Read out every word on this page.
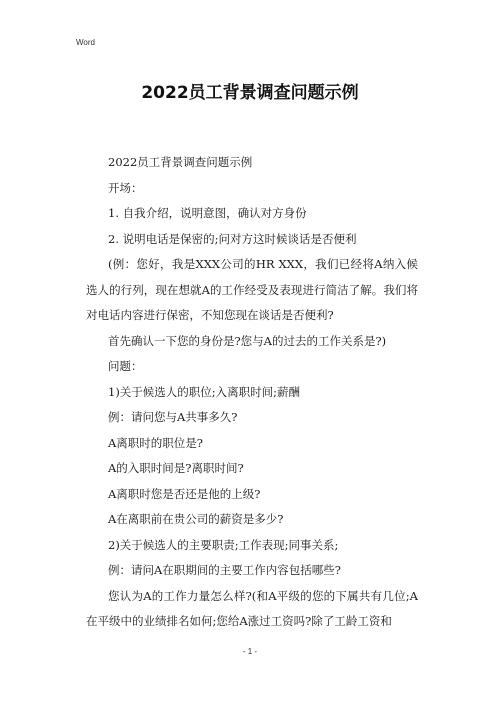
Word
2022员工背景调查问题示例

2022员工背景调查问题示例

开场：

1. 自我介绍，说明意图，确认对方身份

2. 说明电话是保密的;问对方这时候谈话是否便利

(例：您好，我是XXX公司的HR XXX，我们已经将A纳入候选人的行列，现在想就A的工作经受及表现进行简洁了解。我们将对电话内容进行保密，不知您现在谈话是否便利?

首先确认一下您的身份是?您与A的过去的工作关系是?)

问题：

1)关于候选人的职位;入离职时间;薪酬

例：请问您与A共事多久?

A离职时的职位是?

A的入职时间是?离职时间?

A离职时您是否还是他的上级?

A在离职前在贵公司的薪资是多少?

2)关于候选人的主要职责;工作表现;同事关系;

例：请问A在职期间的主要工作内容包括哪些?

您认为A的工作力量怎么样?(和A平级的您的下属共有几位;A在平级中的业绩排名如何;您给A涨过工资吗?除了工龄工资和

- 1 -
